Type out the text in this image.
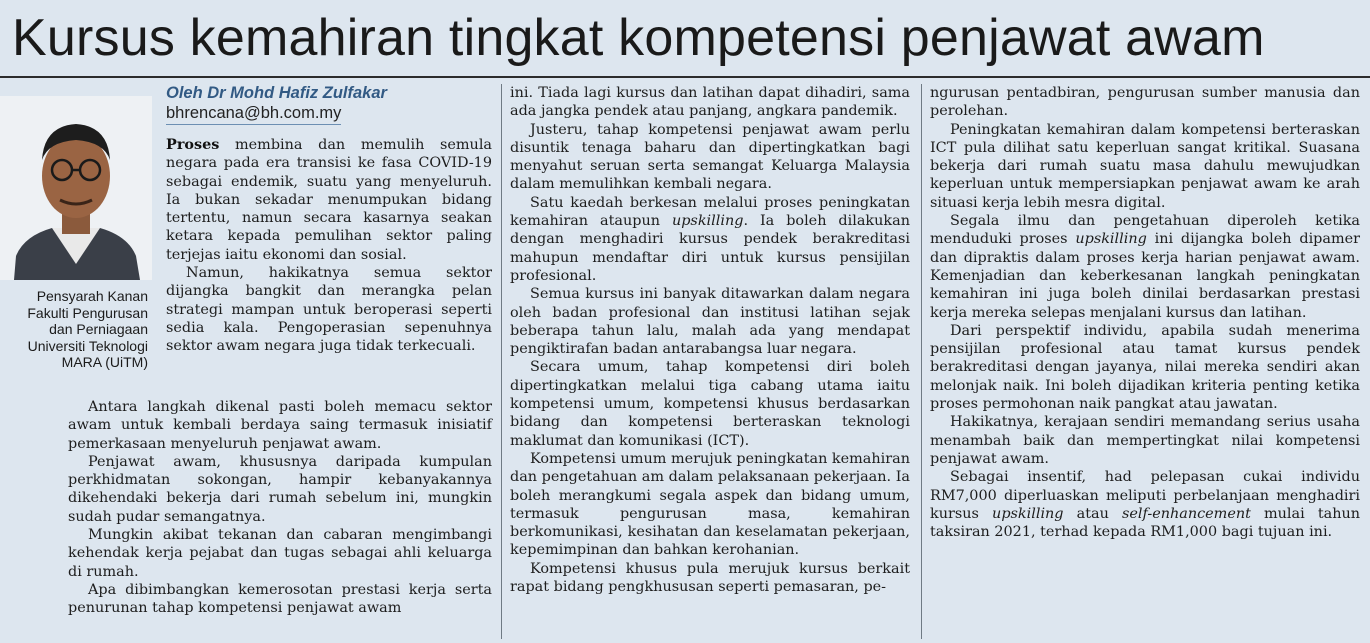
Kursus kemahiran tingkat kompetensi penjawat awam
Pensyarah Kanan
Fakulti Pengurusan
dan Perniagaan
Universiti Teknologi
MARA (UiTM)
Oleh Dr Mohd Hafiz Zulfakar
bhrencana@bh.com.my

Proses membina dan memulih semula negara pada era transisi ke fasa COVID-19 sebagai endemik, suatu yang menyeluruh. Ia bukan sekadar menumpukan bidang tertentu, namun secara kasarnya seakan ketara kepada pemulihan sektor paling terjejas iaitu ekonomi dan sosial.

Namun, hakikatnya semua sektor dijangka bangkit dan merangka pelan strategi mampan untuk beroperasi seperti sedia kala. Pengoperasian sepenuhnya sektor awam negara juga tidak terkecuali.

Antara langkah dikenal pasti boleh memacu sektor awam untuk kembali berdaya saing termasuk inisiatif pemerkasaan menyeluruh penjawat awam.

Penjawat awam, khususnya daripada kumpulan perkhidmatan sokongan, hampir kebanyakannya dikehendaki bekerja dari rumah sebelum ini, mungkin sudah pudar semangatnya.

Mungkin akibat tekanan dan cabaran mengimbangi kehendak kerja pejabat dan tugas sebagai ahli keluarga di rumah.

Apa dibimbangkan kemerosotan prestasi kerja serta penurunan tahap kompetensi penjawat awam

ini. Tiada lagi kursus dan latihan dapat dihadiri, sama ada jangka pendek atau panjang, angkara pandemik.

Justeru, tahap kompetensi penjawat awam perlu disuntik tenaga baharu dan dipertingkatkan bagi menyahut seruan serta semangat Keluarga Malaysia dalam memulihkan kembali negara.

Satu kaedah berkesan melalui proses peningkatan kemahiran ataupun upskilling. Ia boleh dilakukan dengan menghadiri kursus pendek berakreditasi mahupun mendaftar diri untuk kursus pensijilan profesional.

Semua kursus ini banyak ditawarkan dalam negara oleh badan profesional dan institusi latihan sejak beberapa tahun lalu, malah ada yang mendapat pengiktirafan badan antarabangsa luar negara.

Secara umum, tahap kompetensi diri boleh dipertingkatkan melalui tiga cabang utama iaitu kompetensi umum, kompetensi khusus berdasarkan bidang dan kompetensi berteraskan teknologi maklumat dan komunikasi (ICT).

Kompetensi umum merujuk peningkatan kemahiran dan pengetahuan am dalam pelaksanaan pekerjaan. Ia boleh merangkumi segala aspek dan bidang umum, termasuk pengurusan masa, kemahiran berkomunikasi, kesihatan dan keselamatan pekerjaan, kepemimpinan dan bahkan kerohanian.

Kompetensi khusus pula merujuk kursus berkait rapat bidang pengkhususan seperti pemasaran, pe-

ngurusan pentadbiran, pengurusan sumber manusia dan perolehan.

Peningkatan kemahiran dalam kompetensi berteraskan ICT pula dilihat satu keperluan sangat kritikal. Suasana bekerja dari rumah suatu masa dahulu mewujudkan keperluan untuk mempersiapkan penjawat awam ke arah situasi kerja lebih mesra digital.

Segala ilmu dan pengetahuan diperoleh ketika menduduki proses upskilling ini dijangka boleh dipamer dan dipraktis dalam proses kerja harian penjawat awam. Kemenjadian dan keberkesanan langkah peningkatan kemahiran ini juga boleh dinilai berdasarkan prestasi kerja mereka selepas menjalani kursus dan latihan.

Dari perspektif individu, apabila sudah menerima pensijilan profesional atau tamat kursus pendek berakreditasi dengan jayanya, nilai mereka sendiri akan melonjak naik. Ini boleh dijadikan kriteria penting ketika proses permohonan naik pangkat atau jawatan.

Hakikatnya, kerajaan sendiri memandang serius usaha menambah baik dan mempertingkat nilai kompetensi penjawat awam.

Sebagai insentif, had pelepasan cukai individu RM7,000 diperluaskan meliputi perbelanjaan menghadiri kursus upskilling atau self-enhancement mulai tahun taksiran 2021, terhad kepada RM1,000 bagi tujuan ini.
